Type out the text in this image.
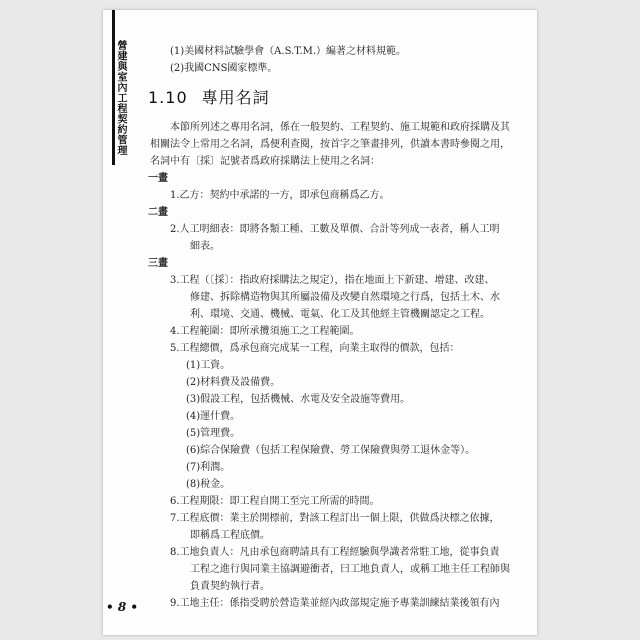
營建與室內工程契約管理	(1)美國材料試驗學會（A.S.T.M.）編著之材料規範。
(2)我國CNS國家標準。
1.10 專用名詞
本節所列述之專用名詞，係在一般契約、工程契約、施工規範和政府採購及其相關法令上常用之名詞，爲便利查閱，按首字之筆畫排列，供讀本書時參閱之用，名詞中有〔採〕記號者爲政府採購法上使用之名詞：
一畫
1.乙方：契約中承諾的一方，即承包商稱爲乙方。
二畫
2.人工明細表：即將各類工種、工數及單價、合計等列成一表者，稱人工明
細表。
三畫
3.工程（〔採〕：指政府採購法之規定），指在地面上下新建、增建、改建、
修建、拆除構造物與其所屬設備及改變自然環境之行爲，包括土木、水利、環境、交通、機械、電氣、化工及其他經主管機關認定之工程。
4.工程範圍：即所承攬須施工之工程範圍。
5.工程總價，爲承包商完成某一工程，向業主取得的價款，包括：
(1)工資。
(2)材料費及設備費。
(3)假設工程，包括機械、水電及安全設施等費用。
(4)運什費。
(5)管理費。
(6)綜合保險費（包括工程保險費、勞工保險費與勞工退休金等）。
(7)利潤。
(8)稅金。
6.工程期限：即工程自開工至完工所需的時間。
7.工程底價：業主於開標前，對該工程訂出一個上限，供做爲決標之依據，
即稱爲工程底價。
8.工地負責人：凡由承包商聘請具有工程經驗與學識者常駐工地，從事負責
工程之進行與同業主協調避衝者，曰工地負責人，或稱工地主任工程師與負責契約執行者。
9.工地主任：係指受聘於營造業並經內政部規定施予專業訓練結業後領有內
• 8 •
